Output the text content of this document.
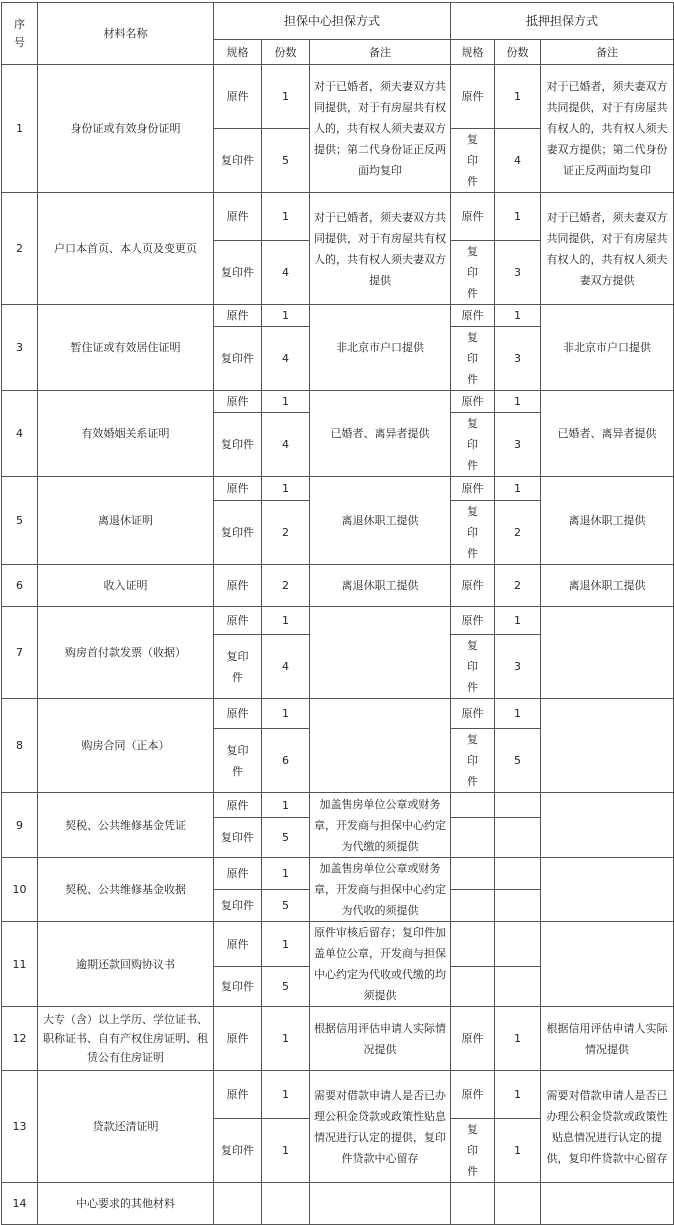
序号	材料名称	担保中心担保方式			抵押担保方式		
		规格	份数	备注	规格	份数	备注
1	身份证或有效身份证明	原件	1	对于已婚者，须夫妻双方共同提供，对于有房屋共有权人的，共有权人须夫妻双方提供；第二代身份证正反两面均复印	原件	1	对于已婚者，须夫妻双方共同提供，对于有房屋共有权人的，共有权人须夫妻双方提供；第二代身份证正反两面均复印
		复印件	5		复印件	4	
2	户口本首页、本人页及变更页	原件	1	对于已婚者，须夫妻双方共同提供，对于有房屋共有权人的，共有权人须夫妻双方提供	原件	1	对于已婚者，须夫妻双方共同提供，对于有房屋共有权人的，共有权人须夫妻双方提供
		复印件	4		复印件	3	
3	暂住证或有效居住证明	原件	1	非北京市户口提供	原件	1	非北京市户口提供
		复印件	4		复印件	3	
4	有效婚姻关系证明	原件	1	已婚者、离异者提供	原件	1	已婚者、离异者提供
		复印件	4		复印件	3	
5	离退休证明	原件	1	离退休职工提供	原件	1	离退休职工提供
		复印件	2		复印件	2	
6	收入证明	原件	2	离退休职工提供	原件	2	离退休职工提供
7	购房首付款发票（收据）	原件	1		原件	1	
		复印件	4		复印件	3	
8	购房合同（正本）	原件	1		原件	1	
		复印件	6		复印件	5	
9	契税、公共维修基金凭证	原件	1	加盖售房单位公章或财务章，开发商与担保中心约定为代缴的须提供			
		复印件	5				
10	契税、公共维修基金收据	原件	1	加盖售房单位公章或财务章，开发商与担保中心约定为代收的须提供			
		复印件	5				
11	逾期还款回购协议书	原件	1	原件审核后留存；复印件加盖单位公章，开发商与担保中心约定为代收或代缴的均须提供			
		复印件	5				
12	大专（含）以上学历、学位证书、职称证书、自有产权住房证明、租赁公有住房证明	原件	1	根据信用评估申请人实际情况提供	原件	1	根据信用评估申请人实际情况提供
13	贷款还清证明	原件	1	需要对借款申请人是否已办理公积金贷款或政策性贴息情况进行认定的提供，复印件贷款中心留存	原件	1	需要对借款申请人是否已办理公积金贷款或政策性贴息情况进行认定的提供，复印件贷款中心留存
		复印件	1		复印件	1	
14	中心要求的其他材料						
